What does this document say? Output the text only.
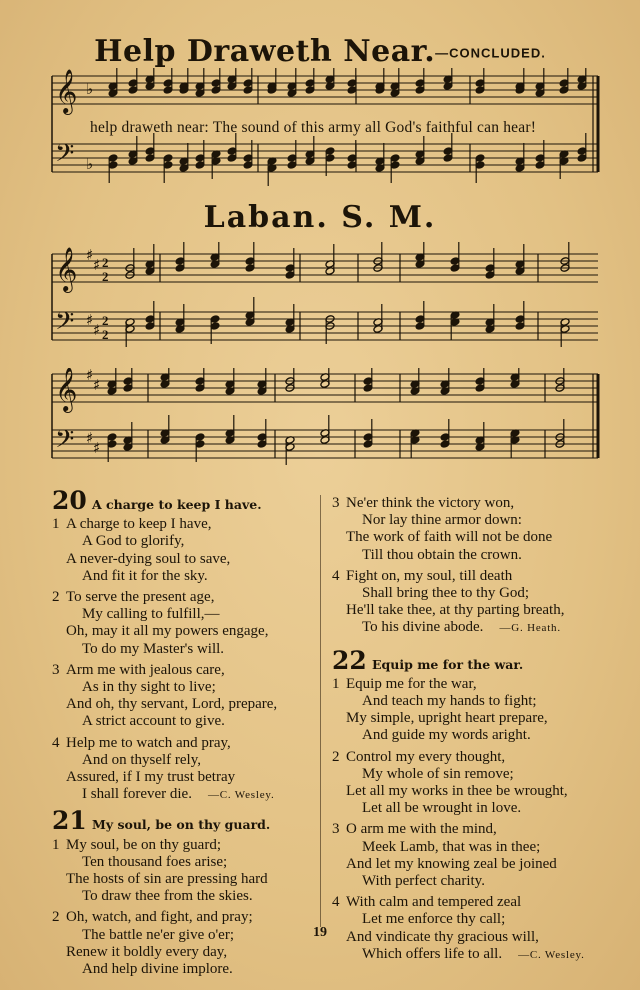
Help Draweth Near.—CONCLUDED.
𝄞
𝄢
♭
♭
help draweth near: The sound of this army all God's faithful can hear!
Laban. S. M.
𝄞
𝄢
♯
♯
♯
♯
2
2
2
2
𝄞
𝄢
♯
♯
♯
♯
20 A charge to keep I have.
1 A charge to keep I have,
A God to glorify,
A never-dying soul to save,
And fit it for the sky.
2 To serve the present age,
My calling to fulfill,—
Oh, may it all my powers engage,
To do my Master's will.
3 Arm me with jealous care,
As in thy sight to live;
And oh, thy servant, Lord, prepare,
A strict account to give.
4 Help me to watch and pray,
And on thyself rely,
Assured, if I my trust betray
I shall forever die. —C. Wesley.
21 My soul, be on thy guard.
1 My soul, be on thy guard;
Ten thousand foes arise;
The hosts of sin are pressing hard
To draw thee from the skies.
2 Oh, watch, and fight, and pray;
The battle ne'er give o'er;
Renew it boldly every day,
And help divine implore.
3 Ne'er think the victory won,
Nor lay thine armor down:
The work of faith will not be done
Till thou obtain the crown.
4 Fight on, my soul, till death
Shall bring thee to thy God;
He'll take thee, at thy parting breath,
To his divine abode. —G. Heath.
22 Equip me for the war.
1 Equip me for the war,
And teach my hands to fight;
My simple, upright heart prepare,
And guide my words aright.
2 Control my every thought,
My whole of sin remove;
Let all my works in thee be wrought,
Let all be wrought in love.
3 O arm me with the mind,
Meek Lamb, that was in thee;
And let my knowing zeal be joined
With perfect charity.
4 With calm and tempered zeal
Let me enforce thy call;
And vindicate thy gracious will,
Which offers life to all. —C. Wesley.
19
